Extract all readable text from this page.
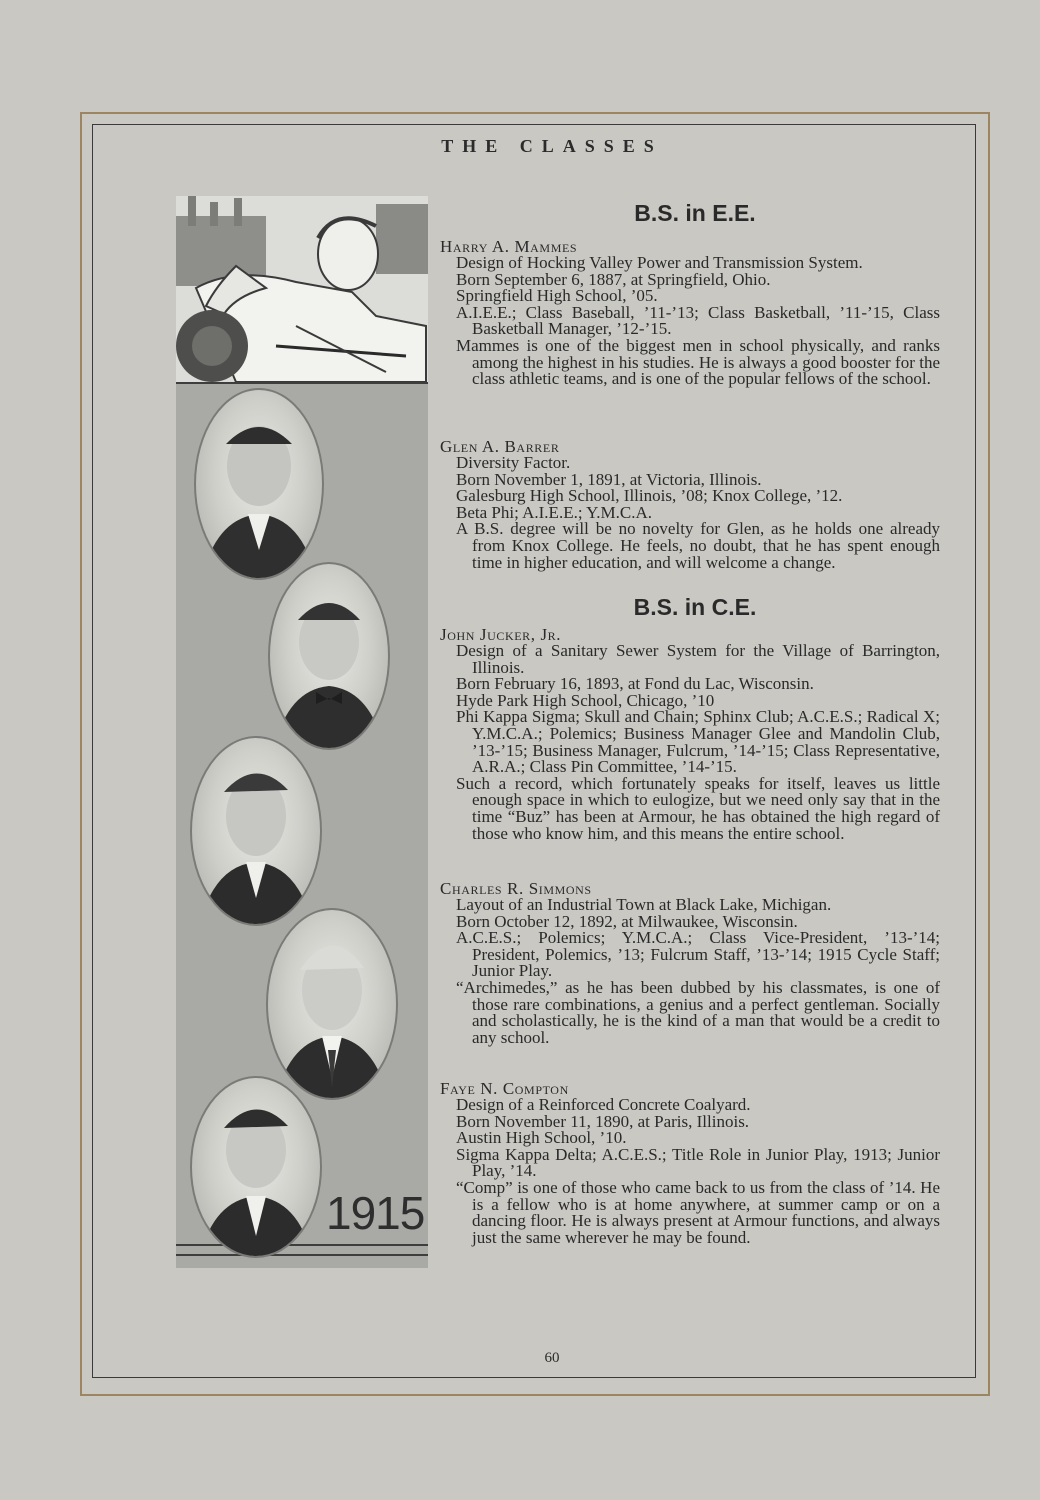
THE CLASSES
1915
B.S. in E.E.
Harry A. Mammes

Design of Hocking Valley Power and Transmission System.

Born September 6, 1887, at Springfield, Ohio.

Springfield High School, ’05.

A.I.E.E.; Class Baseball, ’11-’13; Class Basketball, ’11-’15, Class Basketball Manager, ’12-’15.

Mammes is one of the biggest men in school physically, and ranks among the highest in his studies. He is always a good booster for the class athletic teams, and is one of the popular fellows of the school.

Glen A. Barrer

Diversity Factor.

Born November 1, 1891, at Victoria, Illinois.

Galesburg High School, Illinois, ’08; Knox College, ’12.

Beta Phi; A.I.E.E.; Y.M.C.A.

A B.S. degree will be no novelty for Glen, as he holds one already from Knox College. He feels, no doubt, that he has spent enough time in higher education, and will welcome a change.

B.S. in C.E.
John Jucker, Jr.

Design of a Sanitary Sewer System for the Village of Barrington, Illinois.

Born February 16, 1893, at Fond du Lac, Wisconsin.

Hyde Park High School, Chicago, ’10

Phi Kappa Sigma; Skull and Chain; Sphinx Club; A.C.E.S.; Radical X; Y.M.C.A.; Polemics; Business Manager Glee and Mandolin Club, ’13-’15; Business Manager, Fulcrum, ’14-’15; Class Representative, A.R.A.; Class Pin Committee, ’14-’15.

Such a record, which fortunately speaks for itself, leaves us little enough space in which to eulogize, but we need only say that in the time “Buz” has been at Armour, he has obtained the high regard of those who know him, and this means the entire school.

Charles R. Simmons

Layout of an Industrial Town at Black Lake, Michigan.

Born October 12, 1892, at Milwaukee, Wisconsin.

A.C.E.S.; Polemics; Y.M.C.A.; Class Vice-President, ’13-’14; President, Polemics, ’13; Fulcrum Staff, ’13-’14; 1915 Cycle Staff; Junior Play.

“Archimedes,” as he has been dubbed by his classmates, is one of those rare combinations, a genius and a perfect gentleman. Socially and scholastically, he is the kind of a man that would be a credit to any school.

Faye N. Compton

Design of a Reinforced Concrete Coalyard.

Born November 11, 1890, at Paris, Illinois.

Austin High School, ’10.

Sigma Kappa Delta; A.C.E.S.; Title Role in Junior Play, 1913; Junior Play, ’14.

“Comp” is one of those who came back to us from the class of ’14. He is a fellow who is at home anywhere, at summer camp or on a dancing floor. He is always present at Armour functions, and always just the same wherever he may be found.

60
